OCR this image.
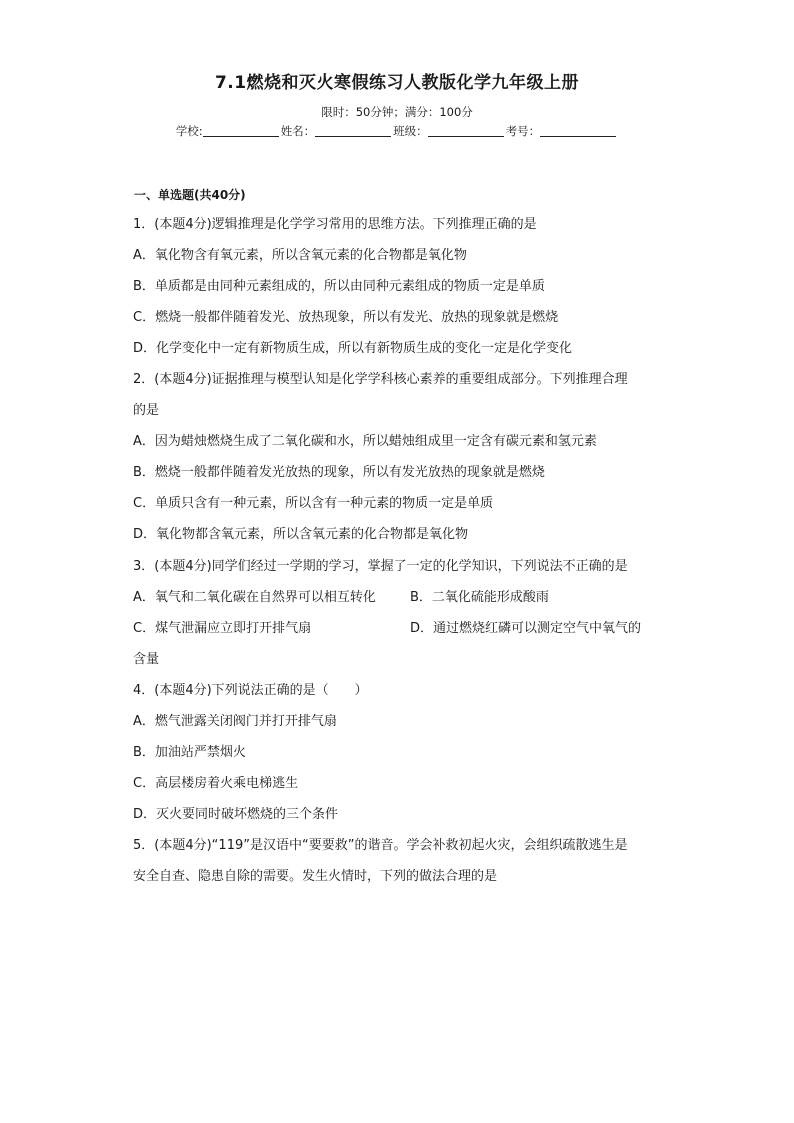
7.1燃烧和灭火寒假练习人教版化学九年级上册
限时：50分钟；满分：100分
学校:	姓名：	班级：	考号：
一、单选题(共40分)
1．(本题4分)逻辑推理是化学学习常用的思维方法。下列推理正确的是
A．氧化物含有氧元素，所以含氧元素的化合物都是氧化物
B．单质都是由同种元素组成的，所以由同种元素组成的物质一定是单质
C．燃烧一般都伴随着发光、放热现象，所以有发光、放热的现象就是燃烧
D．化学变化中一定有新物质生成，所以有新物质生成的变化一定是化学变化
2．(本题4分)证据推理与模型认知是化学学科核心素养的重要组成部分。下列推理合理
的是
A．因为蜡烛燃烧生成了二氧化碳和水，所以蜡烛组成里一定含有碳元素和氢元素
B．燃烧一般都伴随着发光放热的现象，所以有发光放热的现象就是燃烧
C．单质只含有一种元素，所以含有一种元素的物质一定是单质
D．氧化物都含氧元素，所以含氧元素的化合物都是氧化物
3．(本题4分)同学们经过一学期的学习，掌握了一定的化学知识，下列说法不正确的是
A．氧气和二氧化碳在自然界可以相互转化	B．二氧化硫能形成酸雨
C．煤气泄漏应立即打开排气扇	D．通过燃烧红磷可以测定空气中氧气的
含量
4．(本题4分)下列说法正确的是（　　）
A．燃气泄露关闭阀门并打开排气扇
B．加油站严禁烟火
C．高层楼房着火乘电梯逃生
D．灭火要同时破坏燃烧的三个条件
5．(本题4分)“119”是汉语中“要要救”的谐音。学会补救初起火灾，会组织疏散逃生是
安全自查、隐患自除的需要。发生火情时，下列的做法合理的是
